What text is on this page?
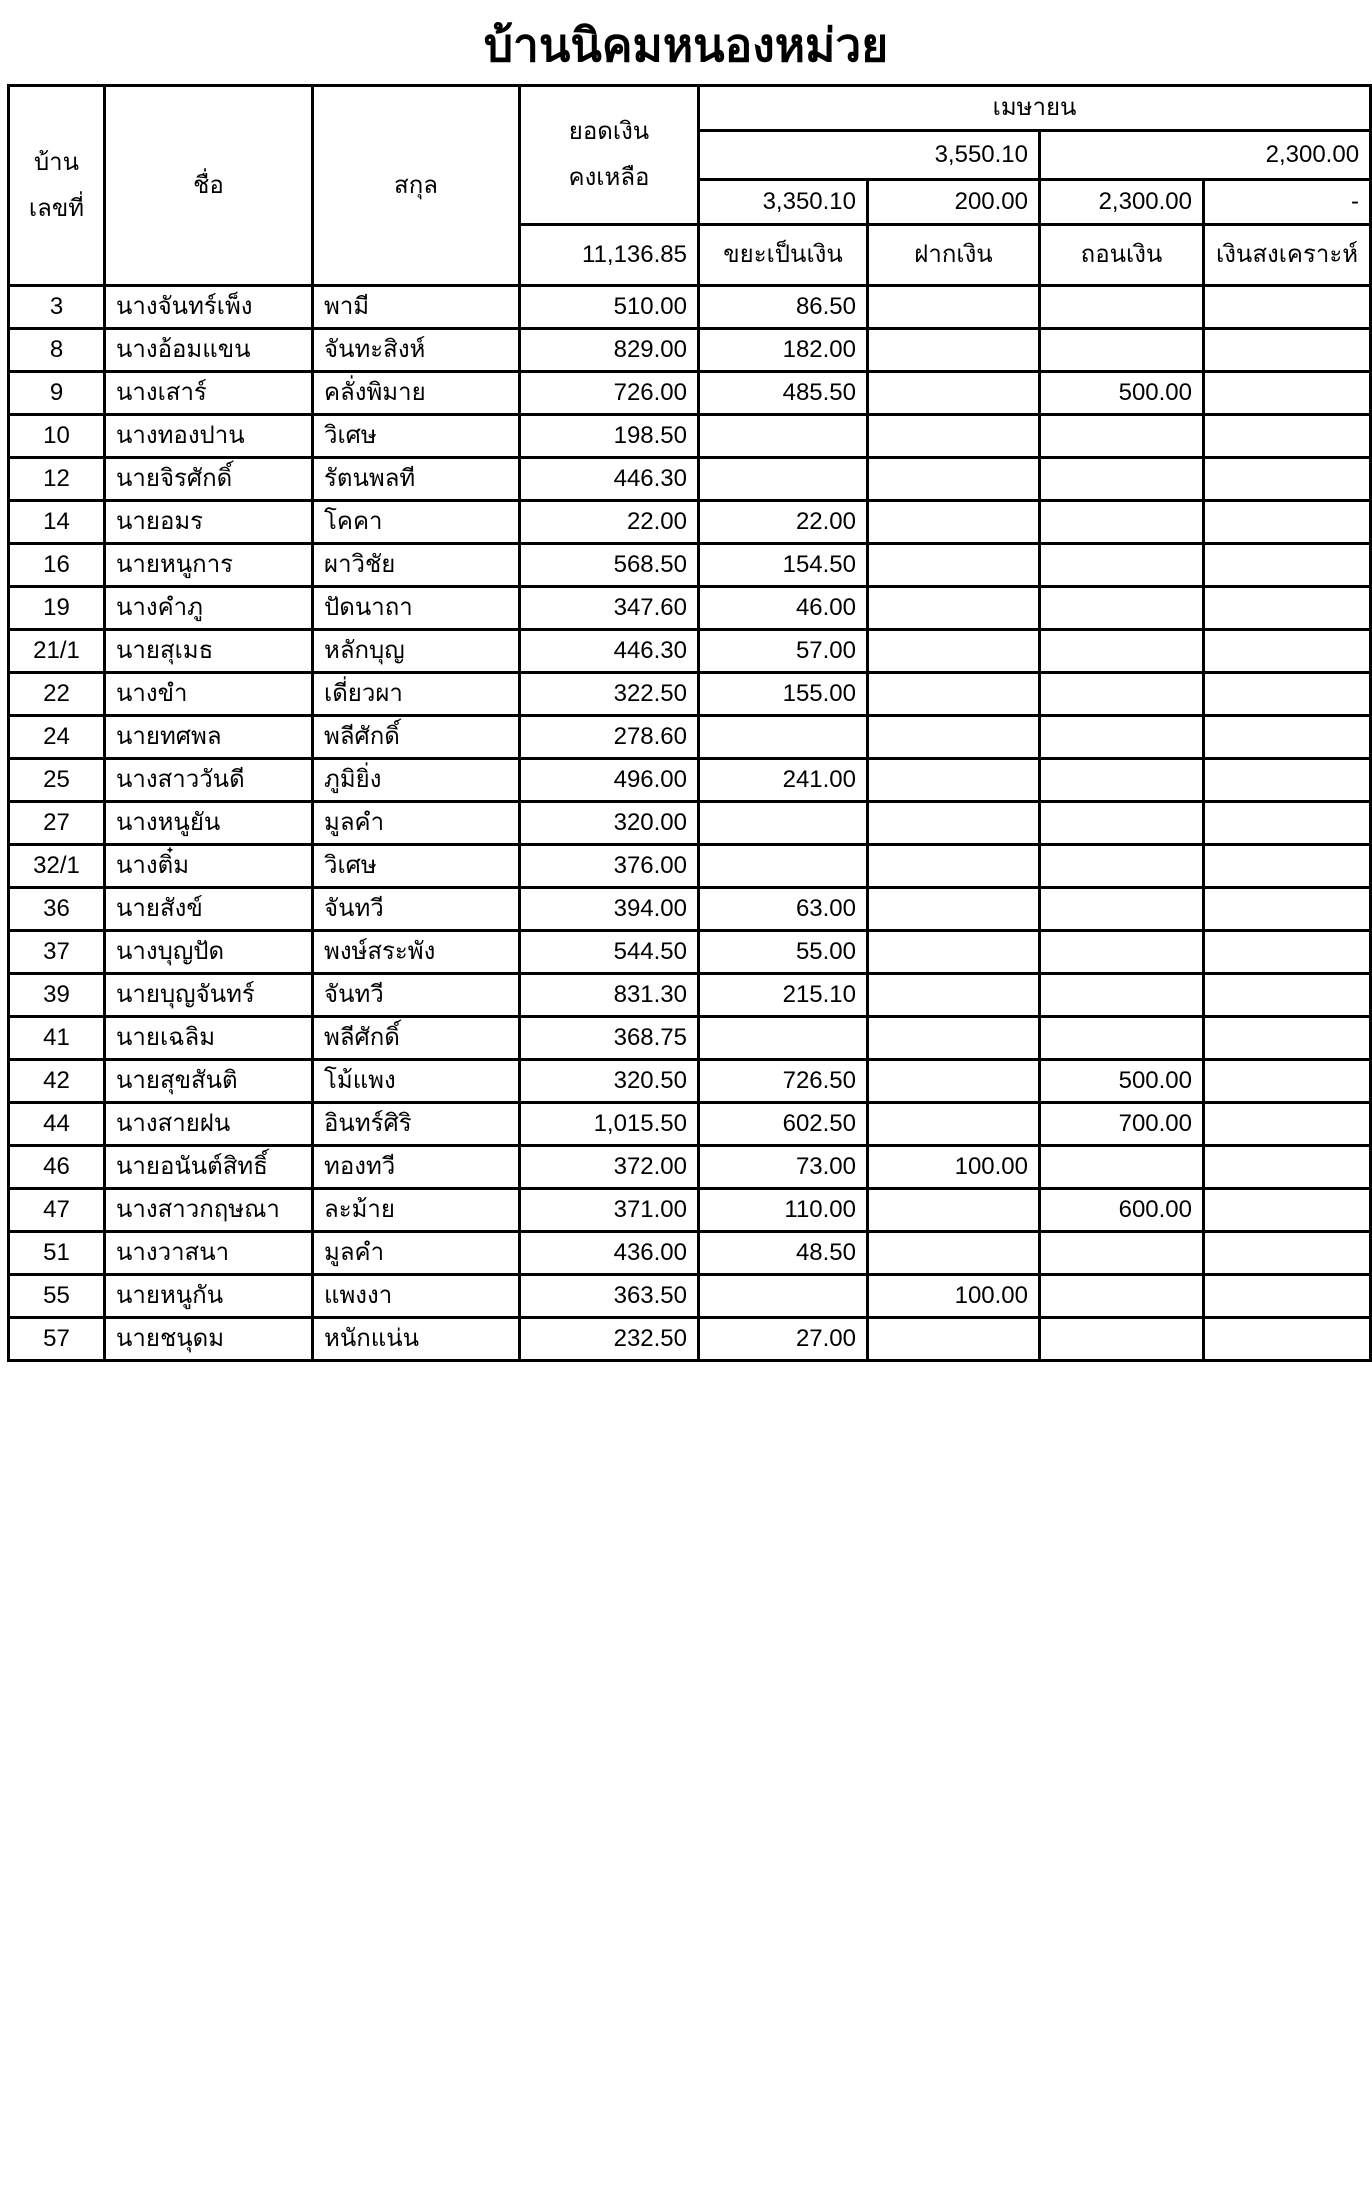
บ้านนิคมหนองหม่วย
บ้าน
เลขที่
	ชื่อ	สกุล	
ยอดเงิน
คงเหลือ
	เมษายน
				3,550.10		2,300.00	
				3,350.10	200.00	2,300.00	-
			11,136.85	ขยะเป็นเงิน	ฝากเงิน	ถอนเงิน	เงินสงเคราะห์
3	นางจันทร์เพ็ง	พามี	510.00	86.50			
8	นางอ้อมแขน	จันทะสิงห์	829.00	182.00			
9	นางเสาร์	คลั่งพิมาย	726.00	485.50		500.00	
10	นางทองปาน	วิเศษ	198.50				
12	นายจิรศักดิ์	รัตนพลที	446.30				
14	นายอมร	โคคา	22.00	22.00			
16	นายหนูการ	ผาวิชัย	568.50	154.50			
19	นางคำภู	ปัดนาถา	347.60	46.00			
21/1	นายสุเมธ	หลักบุญ	446.30	57.00			
22	นางขำ	เดี่ยวผา	322.50	155.00			
24	นายทศพล	พลีศักดิ์	278.60				
25	นางสาววันดี	ภูมิยิ่ง	496.00	241.00			
27	นางหนูยัน	มูลคำ	320.00				
32/1	นางติ๋ม	วิเศษ	376.00				
36	นายสังข์	จันทวี	394.00	63.00			
37	นางบุญปัด	พงษ์สระพัง	544.50	55.00			
39	นายบุญจันทร์	จันทวี	831.30	215.10			
41	นายเฉลิม	พลีศักดิ์	368.75				
42	นายสุขสันติ	โม้แพง	320.50	726.50		500.00	
44	นางสายฝน	อินทร์ศิริ	1,015.50	602.50		700.00	
46	นายอนันต์สิทธิ์	ทองทวี	372.00	73.00	100.00		
47	นางสาวกฤษณา	ละม้าย	371.00	110.00		600.00	
51	นางวาสนา	มูลคำ	436.00	48.50			
55	นายหนูกัน	แพงงา	363.50		100.00		
57	นายชนุดม	หนักแน่น	232.50	27.00			
